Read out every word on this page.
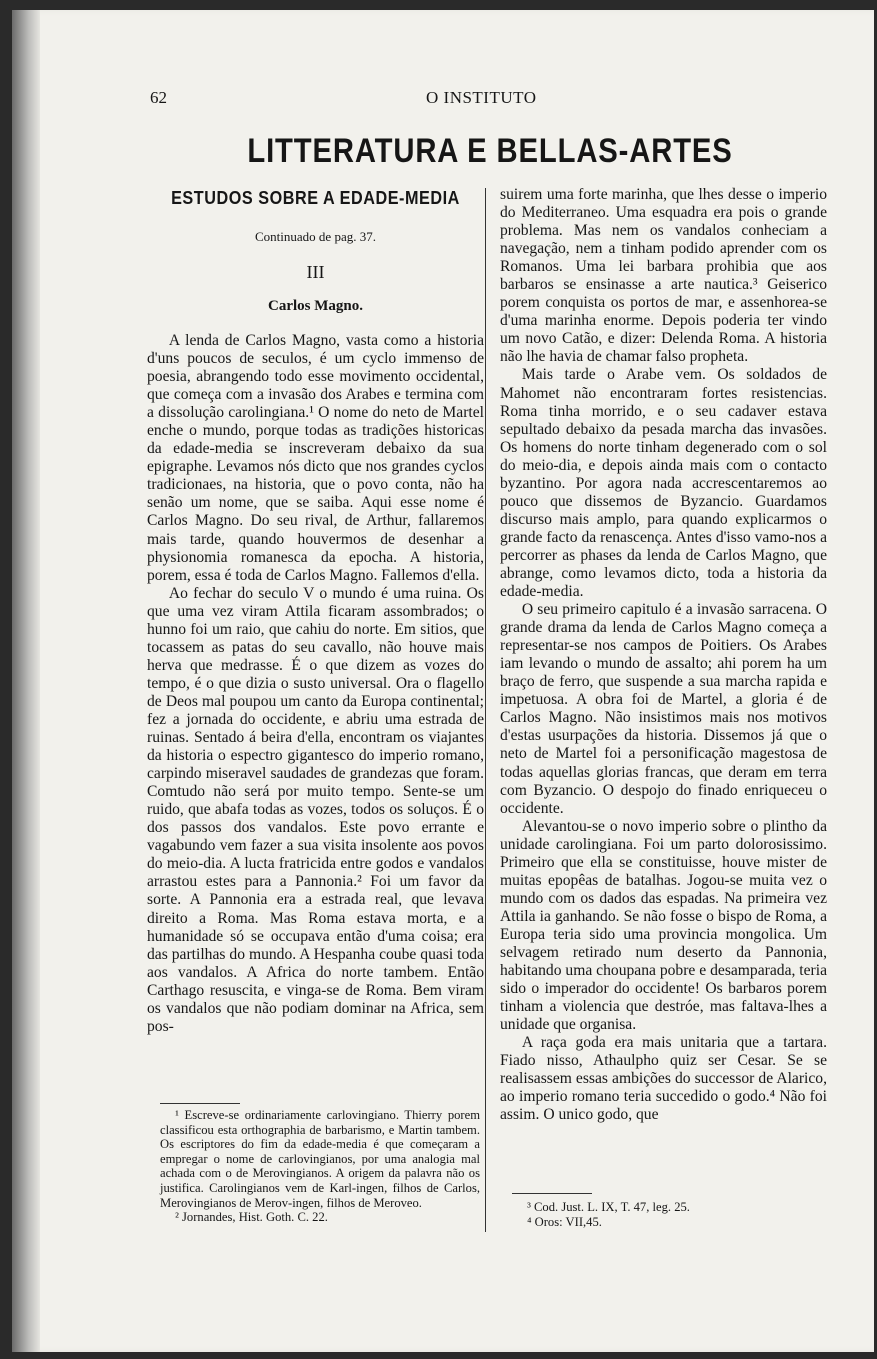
62	O INSTITUTO
LITTERATURA E BELLAS-ARTES
ESTUDOS SOBRE A EDADE-MEDIA
Continuado de pag. 37.
III
Carlos Magno.

A lenda de Carlos Magno, vasta como a historia d'uns poucos de seculos, é um cyclo immenso de poesia, abrangendo todo esse movimento occidental, que começa com a invasão dos Arabes e termina com a dissolução carolingiana.¹ O nome do neto de Martel enche o mundo, porque todas as tradições historicas da edade-media se inscreveram debaixo da sua epigraphe. Levamos nós dicto que nos grandes cyclos tradicionaes, na historia, que o povo conta, não ha senão um nome, que se saiba. Aqui esse nome é Carlos Magno. Do seu rival, de Arthur, fallaremos mais tarde, quando houvermos de desenhar a physionomia romanesca da epocha. A historia, porem, essa é toda de Carlos Magno. Fallemos d'ella.

Ao fechar do seculo V o mundo é uma ruina. Os que uma vez viram Attila ficaram assombrados; o hunno foi um raio, que cahiu do norte. Em sitios, que tocassem as patas do seu cavallo, não houve mais herva que medrasse. É o que dizem as vozes do tempo, é o que dizia o susto universal. Ora o flagello de Deos mal poupou um canto da Europa continental; fez a jornada do occidente, e abriu uma estrada de ruinas. Sentado á beira d'ella, encontram os viajantes da historia o espectro gigantesco do imperio romano, carpindo miseravel saudades de grandezas que foram. Comtudo não será por muito tempo. Sente-se um ruido, que abafa todas as vozes, todos os soluços. É o dos passos dos vandalos. Este povo errante e vagabundo vem fazer a sua visita insolente aos povos do meio-dia. A lucta fratricida entre godos e vandalos arrastou estes para a Pannonia.² Foi um favor da sorte. A Pannonia era a estrada real, que levava direito a Roma. Mas Roma estava morta, e a humanidade só se occupava então d'uma coisa; era das partilhas do mundo. A Hespanha coube quasi toda aos vandalos. A Africa do norte tambem. Então Carthago resuscita, e vinga-se de Roma. Bem viram os vandalos que não podiam dominar na Africa, sem pos-

¹ Escreve-se ordinariamente carlovingiano. Thierry porem classificou esta orthographia de barbarismo, e Martin tambem. Os escriptores do fim da edade-media é que começaram a empregar o nome de carlovingianos, por uma analogia mal achada com o de Merovingianos. A origem da palavra não os justifica. Carolingianos vem de Karl-ingen, filhos de Carlos, Merovingianos de Merov-ingen, filhos de Meroveo.

² Jornandes, Hist. Goth. C. 22.

suirem uma forte marinha, que lhes desse o imperio do Mediterraneo. Uma esquadra era pois o grande problema. Mas nem os vandalos conheciam a navegação, nem a tinham podido aprender com os Romanos. Uma lei barbara prohibia que aos barbaros se ensinasse a arte nautica.³ Geiserico porem conquista os portos de mar, e assenhorea-se d'uma marinha enorme. Depois poderia ter vindo um novo Catão, e dizer: Delenda Roma. A historia não lhe havia de chamar falso propheta.

Mais tarde o Arabe vem. Os soldados de Mahomet não encontraram fortes resistencias. Roma tinha morrido, e o seu cadaver estava sepultado debaixo da pesada marcha das invasões. Os homens do norte tinham degenerado com o sol do meio-dia, e depois ainda mais com o contacto byzantino. Por agora nada accrescentaremos ao pouco que dissemos de Byzancio. Guardamos discurso mais amplo, para quando explicarmos o grande facto da renascença. Antes d'isso vamo-nos a percorrer as phases da lenda de Carlos Magno, que abrange, como levamos dicto, toda a historia da edade-media.

O seu primeiro capitulo é a invasão sarracena. O grande drama da lenda de Carlos Magno começa a representar-se nos campos de Poitiers. Os Arabes iam levando o mundo de assalto; ahi porem ha um braço de ferro, que suspende a sua marcha rapida e impetuosa. A obra foi de Martel, a gloria é de Carlos Magno. Não insistimos mais nos motivos d'estas usurpações da historia. Dissemos já que o neto de Martel foi a personificação magestosa de todas aquellas glorias francas, que deram em terra com Byzancio. O despojo do finado enriqueceu o occidente.

Alevantou-se o novo imperio sobre o plintho da unidade carolingiana. Foi um parto dolorosissimo. Primeiro que ella se constituisse, houve mister de muitas epopêas de batalhas. Jogou-se muita vez o mundo com os dados das espadas. Na primeira vez Attila ia ganhando. Se não fosse o bispo de Roma, a Europa teria sido uma provincia mongolica. Um selvagem retirado num deserto da Pannonia, habitando uma choupana pobre e desamparada, teria sido o imperador do occidente! Os barbaros porem tinham a violencia que destróe, mas faltava-lhes a unidade que organisa.

A raça goda era mais unitaria que a tartara. Fiado nisso, Athaulpho quiz ser Cesar. Se se realisassem essas ambições do successor de Alarico, ao imperio romano teria succedido o godo.⁴ Não foi assim. O unico godo, que

³ Cod. Just. L. IX, T. 47, leg. 25.

⁴ Oros: VII,45.
